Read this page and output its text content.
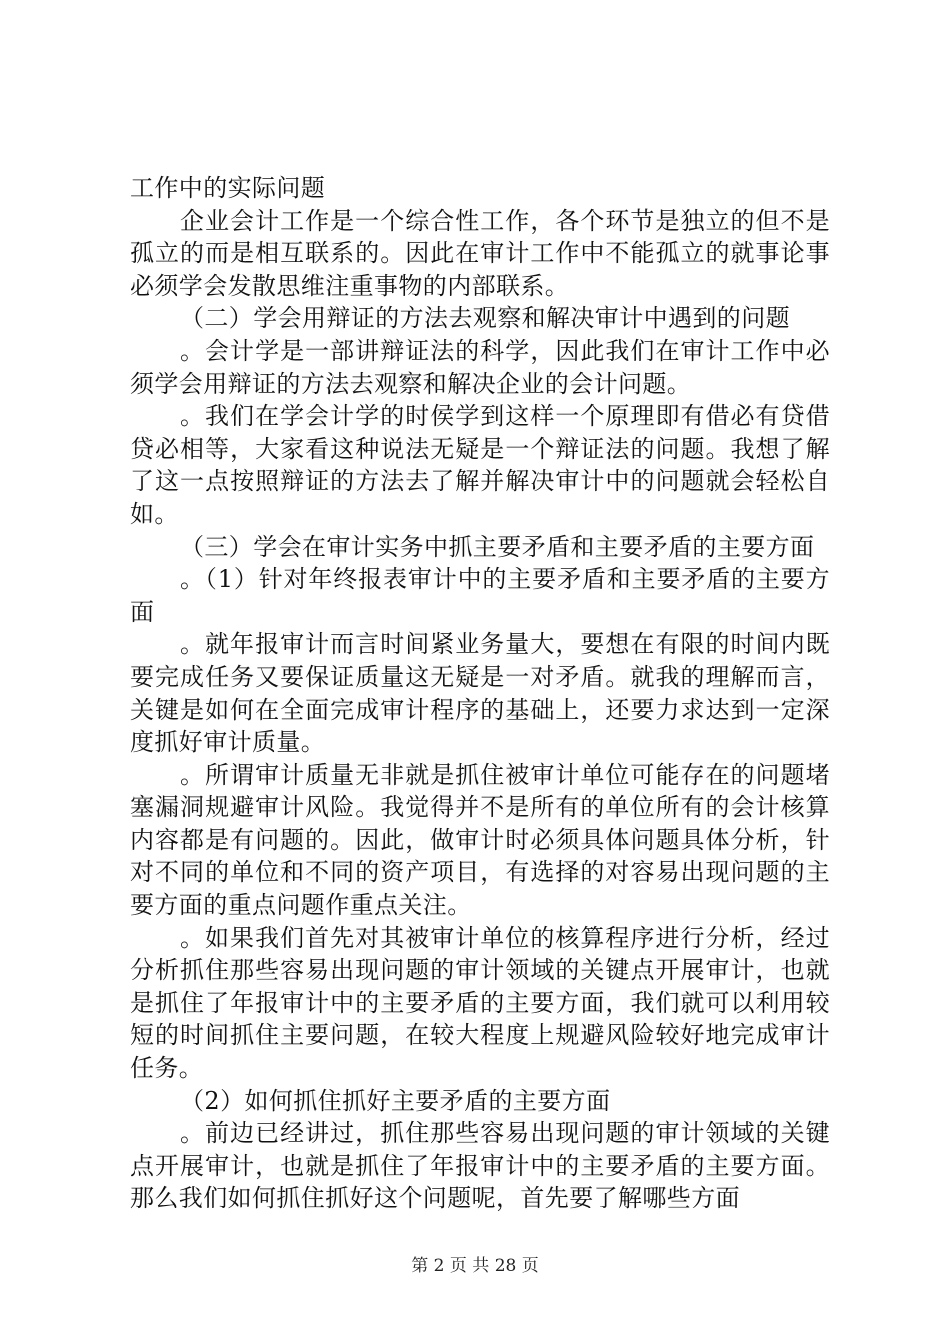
工作中的实际问题

企业会计工作是一个综合性工作，各个环节是独立的但不是孤立的而是相互联系的。因此在审计工作中不能孤立的就事论事必须学会发散思维注重事物的内部联系。

（二）学会用辩证的方法去观察和解决审计中遇到的问题

。会计学是一部讲辩证法的科学，因此我们在审计工作中必须学会用辩证的方法去观察和解决企业的会计问题。

。我们在学会计学的时侯学到这样一个原理即有借必有贷借贷必相等，大家看这种说法无疑是一个辩证法的问题。我想了解了这一点按照辩证的方法去了解并解决审计中的问题就会轻松自如。

（三）学会在审计实务中抓主要矛盾和主要矛盾的主要方面

。（1）针对年终报表审计中的主要矛盾和主要矛盾的主要方面

。就年报审计而言时间紧业务量大，要想在有限的时间内既要完成任务又要保证质量这无疑是一对矛盾。就我的理解而言，关键是如何在全面完成审计程序的基础上，还要力求达到一定深度抓好审计质量。

。所谓审计质量无非就是抓住被审计单位可能存在的问题堵塞漏洞规避审计风险。我觉得并不是所有的单位所有的会计核算内容都是有问题的。因此，做审计时必须具体问题具体分析，针对不同的单位和不同的资产项目，有选择的对容易出现问题的主要方面的重点问题作重点关注。

。如果我们首先对其被审计单位的核算程序进行分析，经过分析抓住那些容易出现问题的审计领域的关键点开展审计，也就是抓住了年报审计中的主要矛盾的主要方面，我们就可以利用较短的时间抓住主要问题，在较大程度上规避风险较好地完成审计任务。

（2）如何抓住抓好主要矛盾的主要方面

。前边已经讲过，抓住那些容易出现问题的审计领域的关键点开展审计，也就是抓住了年报审计中的主要矛盾的主要方面。那么我们如何抓住抓好这个问题呢，首先要了解哪些方面

第 2 页 共 28 页
